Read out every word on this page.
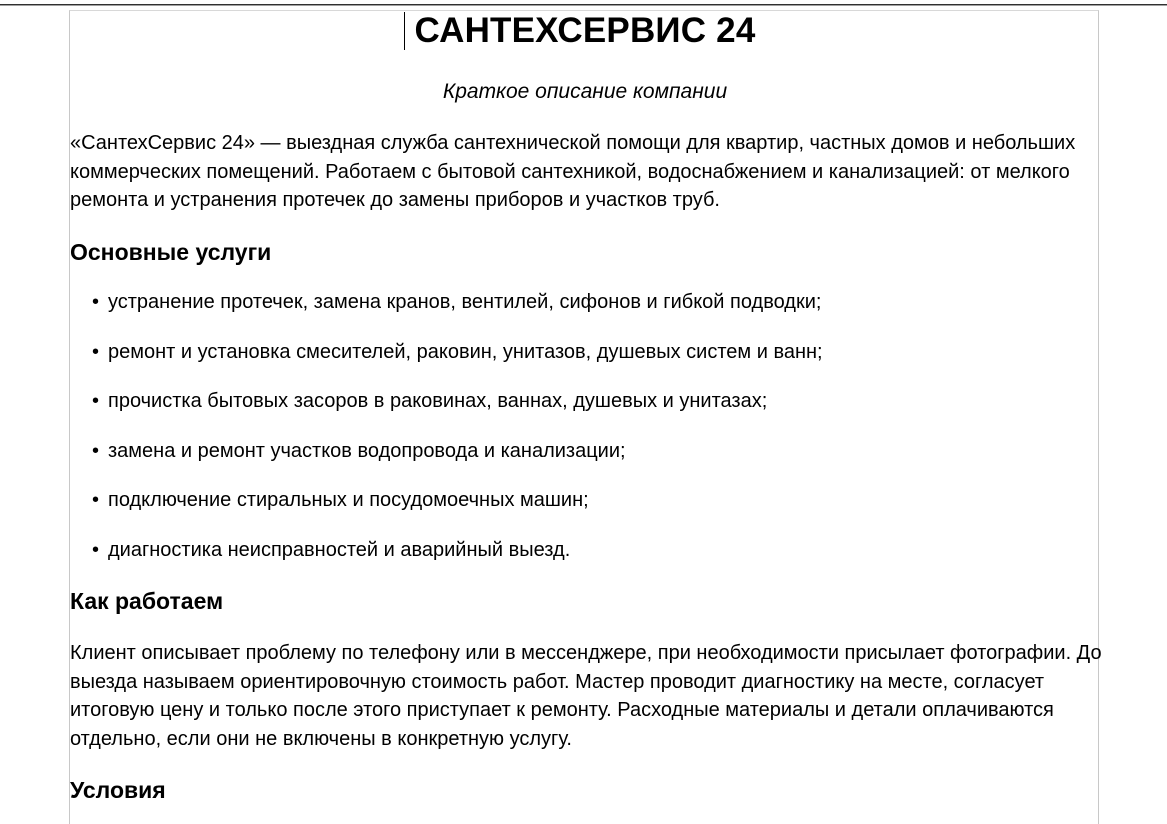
САНТЕХСЕРВИС 24
Краткое описание компании
«СантехСервис 24» — выездная служба сантехнической помощи для квартир, частных домов и небольших коммерческих помещений. Работаем с бытовой сантехникой, водоснабжением и канализацией: от мелкого ремонта и устранения протечек до замены приборов и участков труб.
Основные услуги
• устранение протечек, замена кранов, вентилей, сифонов и гибкой подводки;
• ремонт и установка смесителей, раковин, унитазов, душевых систем и ванн;
• прочистка бытовых засоров в раковинах, ваннах, душевых и унитазах;
• замена и ремонт участков водопровода и канализации;
• подключение стиральных и посудомоечных машин;
• диагностика неисправностей и аварийный выезд.
Как работаем
Клиент описывает проблему по телефону или в мессенджере, при необходимости присылает фотографии. До выезда называем ориентировочную стоимость работ. Мастер проводит диагностику на месте, согласует итоговую цену и только после этого приступает к ремонту. Расходные материалы и детали оплачиваются отдельно, если они не включены в конкретную услугу.
Условия
